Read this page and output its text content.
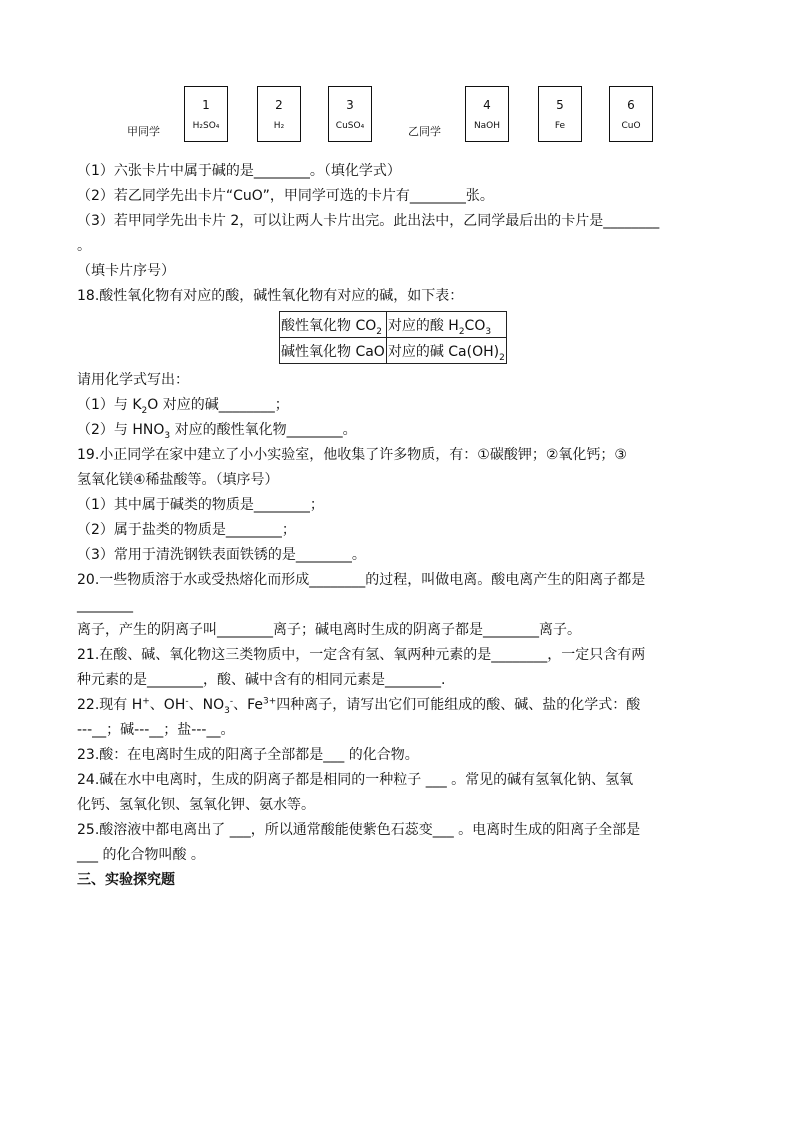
甲同学
1
H₂SO₄
2
H₂
3
CuSO₄	乙同学
4
NaOH
5
Fe
6
CuO
（1）六张卡片中属于碱的是________。（填化学式）
（2）若乙同学先出卡片“CuO”，甲同学可选的卡片有________张。
（3）若甲同学先出卡片 2，可以让两人卡片出完。此出法中，乙同学最后出的卡片是________
。
（填卡片序号）
18.酸性氧化物有对应的酸，碱性氧化物有对应的碱，如下表：
酸性氧化物 $CO_2$	对应的酸 $H_2CO_3$
碱性氧化物 CaO	对应的碱 $Ca(OH)_2$
请用化学式写出：
（1）与 $K_2O$ 对应的碱________；
（2）与 $HNO_3$ 对应的酸性氧化物________。
19.小正同学在家中建立了小小实验室，他收集了许多物质，有：①碳酸钾；②氧化钙；③
氢氧化镁④稀盐酸等。（填序号）
（1）其中属于碱类的物质是________；
（2）属于盐类的物质是________；
（3）常用于清洗钢铁表面铁锈的是________。
20.一些物质溶于水或受热熔化而形成________的过程，叫做电离。酸电离产生的阳离子都是
________
离子，产生的阴离子叫________离子；碱电离时生成的阴离子都是________离子。
21.在酸、碱、氧化物这三类物质中，一定含有氢、氧两种元素的是________，一定只含有两
种元素的是________，酸、碱中含有的相同元素是________.
22.现有 H+、OH-、$NO_3^-$、$Fe^{3+}$四种离子，请写出它们可能组成的酸、碱、盐的化学式：酸
---__；碱---__；盐---__。
23.酸：在电离时生成的阳离子全部都是___ 的化合物。
24.碱在水中电离时，生成的阴离子都是相同的一种粒子 ___ 。常见的碱有氢氧化钠、氢氧
化钙、氢氧化钡、氢氧化钾、氨水等。
25.酸溶液中都电离出了 ___，所以通常酸能使紫色石蕊变___ 。电离时生成的阳离子全部是
___ 的化合物叫酸 。
三、实验探究题
